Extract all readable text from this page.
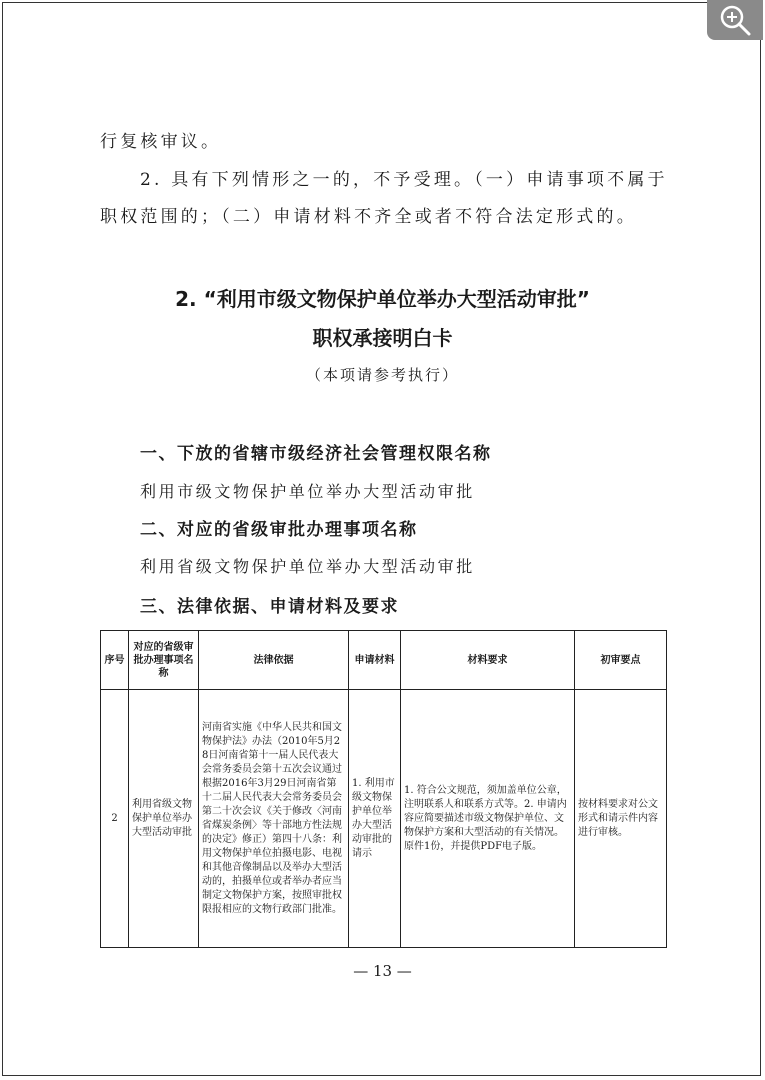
行复核审议。
2. 具有下列情形之一的，不予受理。（一）申请事项不属于
职权范围的；（二）申请材料不齐全或者不符合法定形式的。
2. “利用市级文物保护单位举办大型活动审批”
职权承接明白卡
（本项请参考执行）
一、下放的省辖市级经济社会管理权限名称
利用市级文物保护单位举办大型活动审批
二、对应的省级审批办理事项名称
利用省级文物保护单位举办大型活动审批
三、法律依据、申请材料及要求
序号	对应的省级审批办理事项名称	法律依据	申请材料	材料要求	初审要点
2	利用省级文物保护单位举办大型活动审批	河南省实施《中华人民共和国文物保护法》办法（2010年5月28日河南省第十一届人民代表大会常务委员会第十五次会议通过 根据2016年3月29日河南省第十二届人民代表大会常务委员会第二十次会议《关于修改〈河南省煤炭条例〉等十部地方性法规的决定》修正）第四十八条：利用文物保护单位拍摄电影、电视和其他音像制品以及举办大型活动的，拍摄单位或者举办者应当制定文物保护方案，按照审批权限报相应的文物行政部门批准。	1. 利用市级文物保护单位举办大型活动审批的请示	1. 符合公文规范，须加盖单位公章，注明联系人和联系方式等。2. 申请内容应简要描述市级文物保护单位、文物保护方案和大型活动的有关情况。原件1份，并提供PDF电子版。	按材料要求对公文形式和请示件内容进行审核。
— 13 —
